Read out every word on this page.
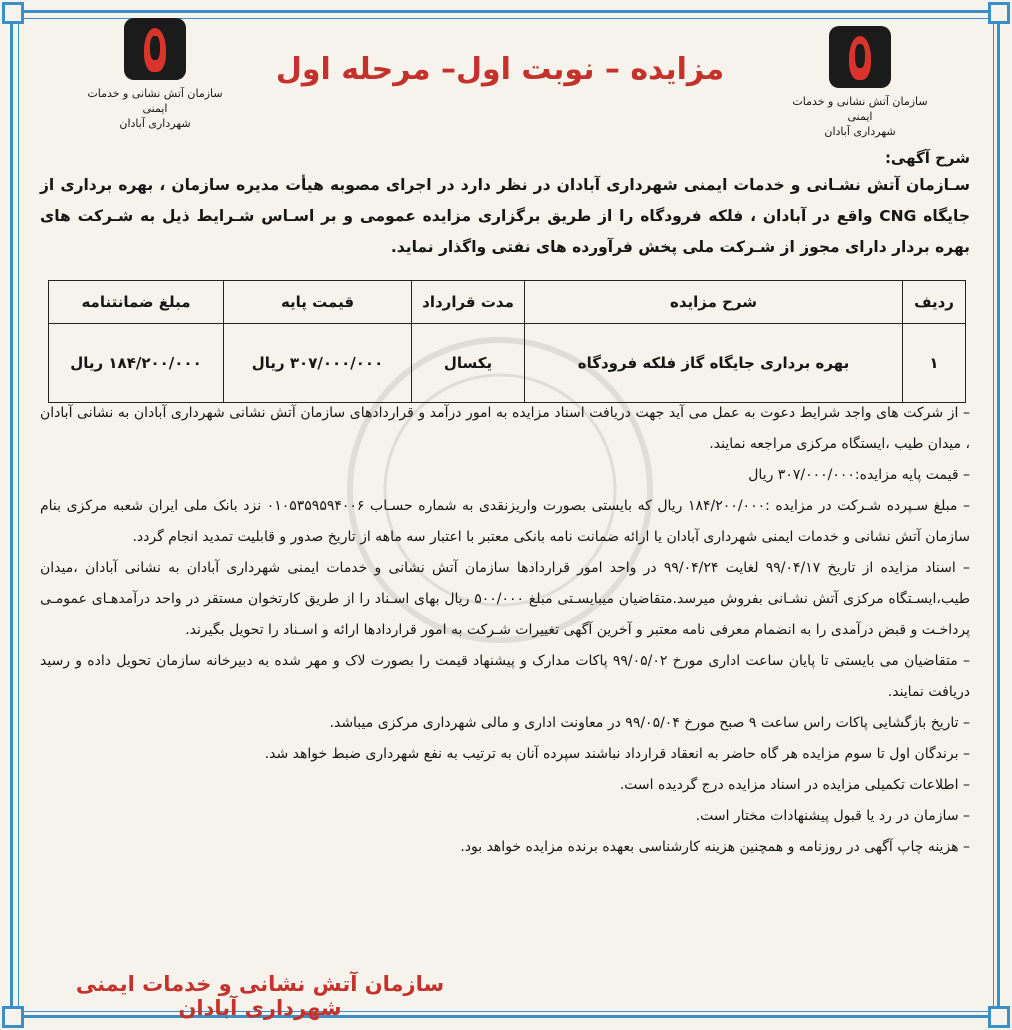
سازمان آتش نشانی و خدمات ایمنی
شهرداری آبادان
سازمان آتش نشانی و خدمات ایمنی
شهرداری آبادان
مزایده – نوبت اول– مرحله اول
شرح آگهی:
سـازمان آتش نشـانی و خدمات ایمنی شهرداری آبادان در نظر دارد در اجرای مصوبه هیأت مدیره سازمان ، بهره برداری از جایگاه CNG واقع در آبادان ، فلکه فرودگاه را از طریق برگزاری مزایده عمومی و بر اسـاس شـرایط ذیل به شـرکت های بهره بردار دارای مجوز از شـرکت ملی پخش فرآورده های نفتی واگذار نماید.
ردیف	شرح مزایده	مدت قرارداد	قیمت پایه	مبلغ ضمانتنامه
۱	بهره برداری جایگاه گاز فلکه فرودگاه	یکسال	۳۰۷/۰۰۰/۰۰۰ ریال	۱۸۴/۲۰۰/۰۰۰ ریال

– از شرکت های واجد شرایط دعوت به عمل می آید جهت دریافت اسناد مزایده به امور درآمد و قراردادهای سازمان آتش نشانی شهرداری آبادان به نشانی آبادان ، میدان طیب ،ایستگاه مرکزی مراجعه نمایند.

– قیمت پایه مزایده:۳۰۷/۰۰۰/۰۰۰ ریال

– مبلغ سـپرده شـرکت در مزایده :۱۸۴/۲۰۰/۰۰۰ ریال که بایستی بصورت واریزنقدی به شماره حسـاب ۰۱۰۵۳۵۹۵۹۴۰۰۶ نزد بانک ملی ایران شعبه مرکزی بنام سازمان آتش نشانی و خدمات ایمنی شهرداری آبادان یا ارائه ضمانت نامه بانکی معتبر با اعتبار سه ماهه از تاریخ صدور و قابلیت تمدید انجام گردد.

– اسناد مزایده از تاریخ ۹۹/۰۴/۱۷ لغایت ۹۹/۰۴/۲۴ در واحد امور قراردادها سازمان آتش نشانی و خدمات ایمنی شهرداری آبادان به نشانی آبادان ،میدان طیب،ایسـتگاه مرکزی آتش نشـانی بفروش میرسد.متقاضیان میبایسـتی مبلغ ۵۰۰/۰۰۰ ریال بهای اسـناد را از طریق کارتخوان مستقر در واحد درآمدهـای عمومـی پرداخـت و قبض درآمدی را به انضمام معرفی نامه معتبر و آخرین آگهی تغییرات شـرکت به امور قراردادها ارائه و اسـناد را تحویل بگیرند.

– متقاضیان می بایستی تا پایان ساعت اداری مورخ ۹۹/۰۵/۰۲ پاکات مدارک و پیشنهاد قیمت را بصورت لاک و مهر شده به دبیرخانه سازمان تحویل داده و رسید دریافت نمایند.

– تاریخ بازگشایی پاکات راس ساعت ۹ صبح مورخ ۹۹/۰۵/۰۴ در معاونت اداری و مالی شهرداری مرکزی میباشد.

– برندگان اول تا سوم مزایده هر گاه حاضر به انعقاد قرارداد نباشند سپرده آنان به ترتیب به نفع شهرداری ضبط خواهد شد.

– اطلاعات تکمیلی مزایده در اسناد مزایده درج گردیده است.

– سازمان در رد یا قبول پیشنهادات مختار است.

– هزینه چاپ آگهی در روزنامه و همچنین هزینه کارشناسی بعهده برنده مزایده خواهد بود.

سازمان آتش نشانی و خدمات ایمنی شهرداری آبادان
